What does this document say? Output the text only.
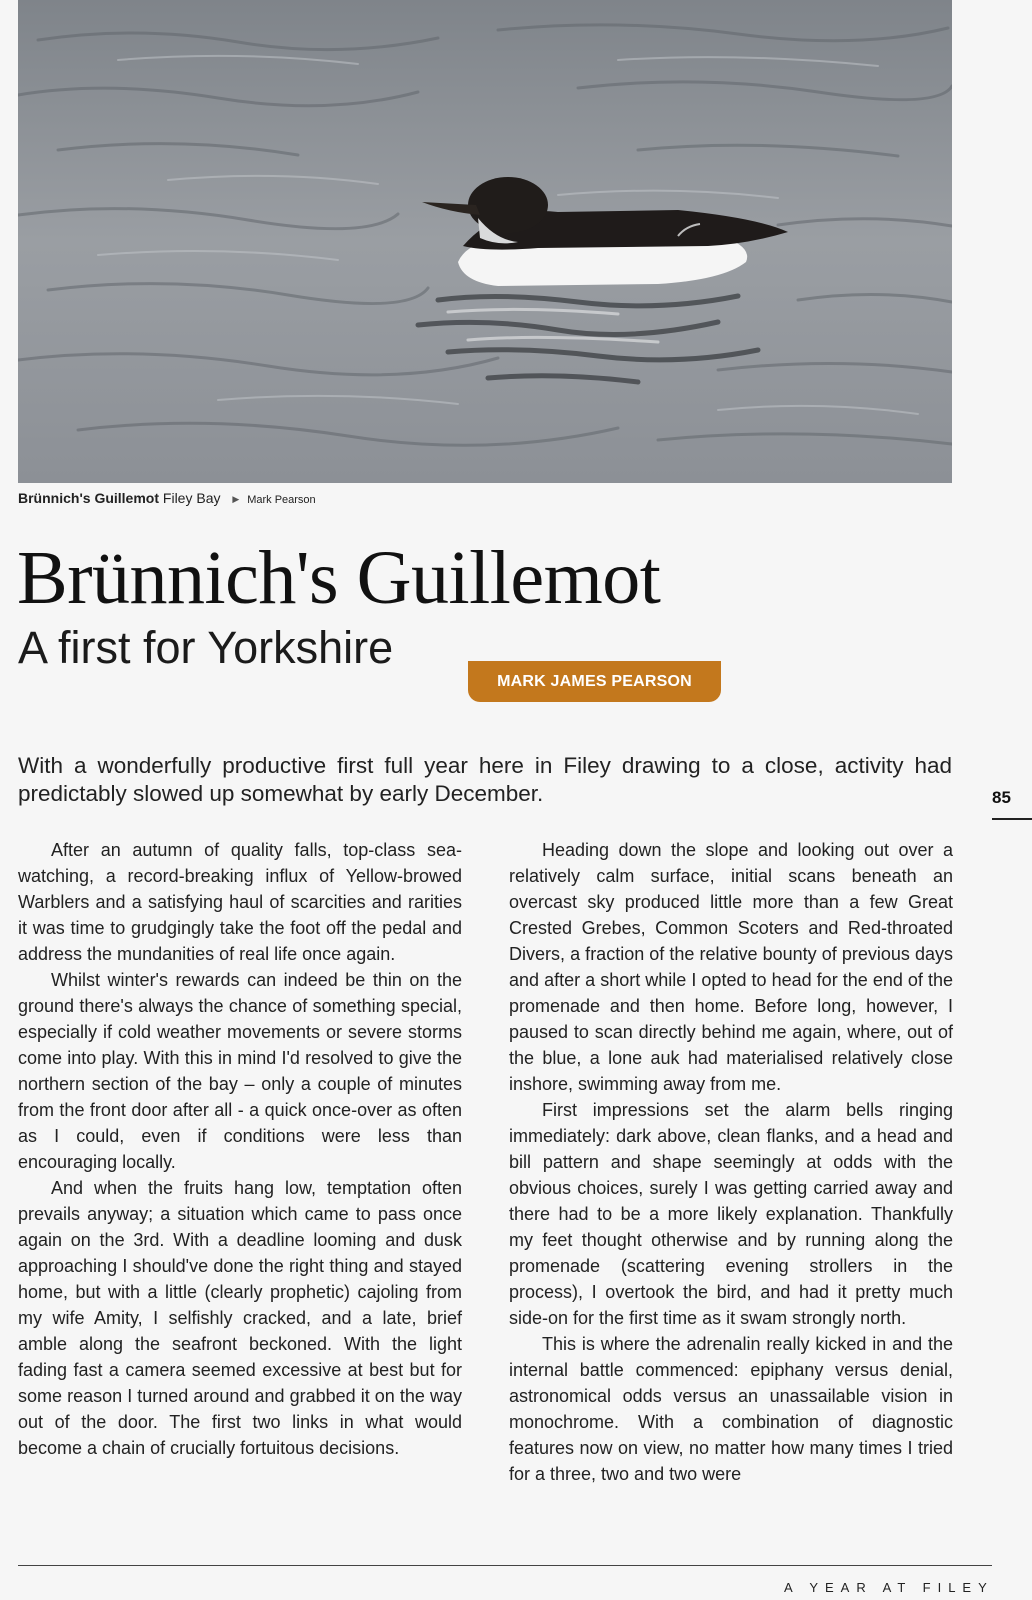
Brünnich's Guillemot Filey Bay ▶ Mark Pearson
Brünnich's Guillemot
A first for Yorkshire
MARK JAMES PEARSON

With a wonderfully productive first full year here in Filey drawing to a close, activity had predictably slowed up somewhat by early December.

After an autumn of quality falls, top-class sea-watching, a record-breaking influx of Yellow-browed Warblers and a satisfying haul of scarcities and rarities it was time to grudgingly take the foot off the pedal and address the mundanities of real life once again.

Whilst winter's rewards can indeed be thin on the ground there's always the chance of something special, especially if cold weather movements or severe storms come into play. With this in mind I'd resolved to give the northern section of the bay – only a couple of minutes from the front door after all - a quick once-over as often as I could, even if conditions were less than encouraging locally.

And when the fruits hang low, temptation often prevails anyway; a situation which came to pass once again on the 3rd. With a deadline looming and dusk approaching I should've done the right thing and stayed home, but with a little (clearly prophetic) cajoling from my wife Amity, I selfishly cracked, and a late, brief amble along the seafront beckoned. With the light fading fast a camera seemed excessive at best but for some reason I turned around and grabbed it on the way out of the door. The first two links in what would become a chain of crucially fortuitous decisions.

Heading down the slope and looking out over a relatively calm surface, initial scans beneath an overcast sky produced little more than a few Great Crested Grebes, Common Scoters and Red-throated Divers, a fraction of the relative bounty of previous days and after a short while I opted to head for the end of the promenade and then home. Before long, however, I paused to scan directly behind me again, where, out of the blue, a lone auk had materialised relatively close inshore, swimming away from me.

First impressions set the alarm bells ringing immediately: dark above, clean flanks, and a head and bill pattern and shape seemingly at odds with the obvious choices, surely I was getting carried away and there had to be a more likely explanation. Thankfully my feet thought otherwise and by running along the promenade (scattering evening strollers in the process), I overtook the bird, and had it pretty much side-on for the first time as it swam strongly north.

This is where the adrenalin really kicked in and the internal battle commenced: epiphany versus denial, astronomical odds versus an unassailable vision in monochrome. With a combination of diagnostic features now on view, no matter how many times I tried for a three, two and two were

85
A YEAR AT FILEY
